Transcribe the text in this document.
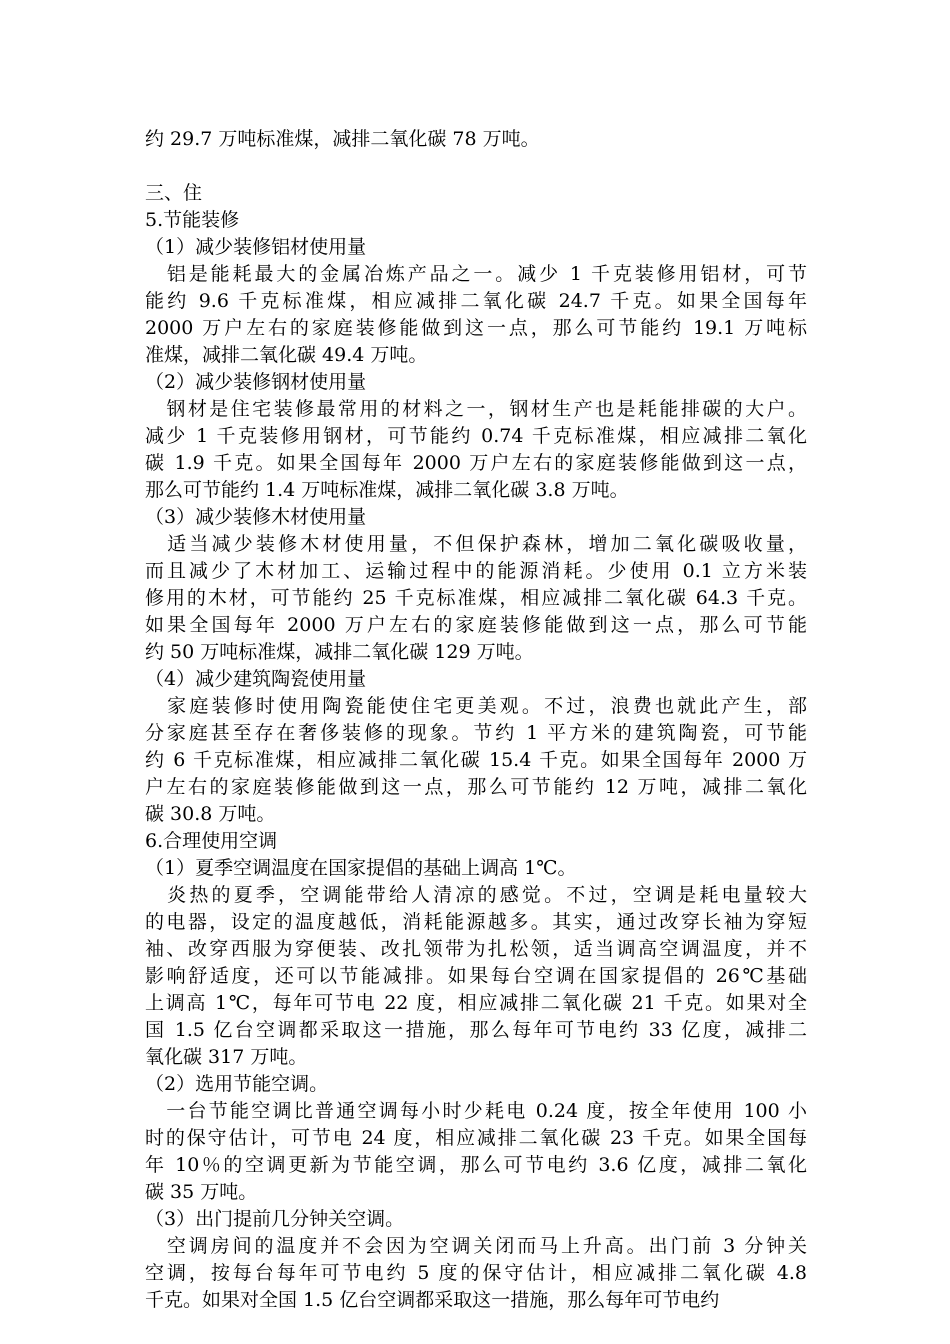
约 29.7 万吨标准煤，减排二氧化碳 78 万吨。
三、住
5.节能装修
（1）减少装修铝材使用量
　铝是能耗最大的金属冶炼产品之一。减少 1 千克装修用铝材，可节
能约 9.6 千克标准煤，相应减排二氧化碳 24.7 千克。如果全国每年
2000 万户左右的家庭装修能做到这一点，那么可节能约 19.1 万吨标
准煤，减排二氧化碳 49.4 万吨。
（2）减少装修钢材使用量
　钢材是住宅装修最常用的材料之一，钢材生产也是耗能排碳的大户。
减少 1 千克装修用钢材，可节能约 0.74 千克标准煤，相应减排二氧化
碳 1.9 千克。如果全国每年 2000 万户左右的家庭装修能做到这一点，
那么可节能约 1.4 万吨标准煤，减排二氧化碳 3.8 万吨。
（3）减少装修木材使用量
　适当减少装修木材使用量，不但保护森林，增加二氧化碳吸收量，
而且减少了木材加工、运输过程中的能源消耗。少使用 0.1 立方米装
修用的木材，可节能约 25 千克标准煤，相应减排二氧化碳 64.3 千克。
如果全国每年 2000 万户左右的家庭装修能做到这一点，那么可节能
约 50 万吨标准煤，减排二氧化碳 129 万吨。
（4）减少建筑陶瓷使用量
　家庭装修时使用陶瓷能使住宅更美观。不过，浪费也就此产生，部
分家庭甚至存在奢侈装修的现象。节约 1 平方米的建筑陶瓷，可节能
约 6 千克标准煤，相应减排二氧化碳 15.4 千克。如果全国每年 2000 万
户左右的家庭装修能做到这一点，那么可节能约 12 万吨，减排二氧化
碳 30.8 万吨。
6.合理使用空调
（1）夏季空调温度在国家提倡的基础上调高 1℃。
　炎热的夏季，空调能带给人清凉的感觉。不过，空调是耗电量较大
的电器，设定的温度越低，消耗能源越多。其实，通过改穿长袖为穿短
袖、改穿西服为穿便装、改扎领带为扎松领，适当调高空调温度，并不
影响舒适度，还可以节能减排。如果每台空调在国家提倡的 26℃基础
上调高 1℃，每年可节电 22 度，相应减排二氧化碳 21 千克。如果对全
国 1.5 亿台空调都采取这一措施，那么每年可节电约 33 亿度，减排二
氧化碳 317 万吨。
（2）选用节能空调。
　一台节能空调比普通空调每小时少耗电 0.24 度，按全年使用 100 小
时的保守估计，可节电 24 度，相应减排二氧化碳 23 千克。如果全国每
年 10％的空调更新为节能空调，那么可节电约 3.6 亿度，减排二氧化
碳 35 万吨。
（3）出门提前几分钟关空调。
　空调房间的温度并不会因为空调关闭而马上升高。出门前 3 分钟关
空调，按每台每年可节电约 5 度的保守估计，相应减排二氧化碳 4.8
千克。如果对全国 1.5 亿台空调都采取这一措施，那么每年可节电约
